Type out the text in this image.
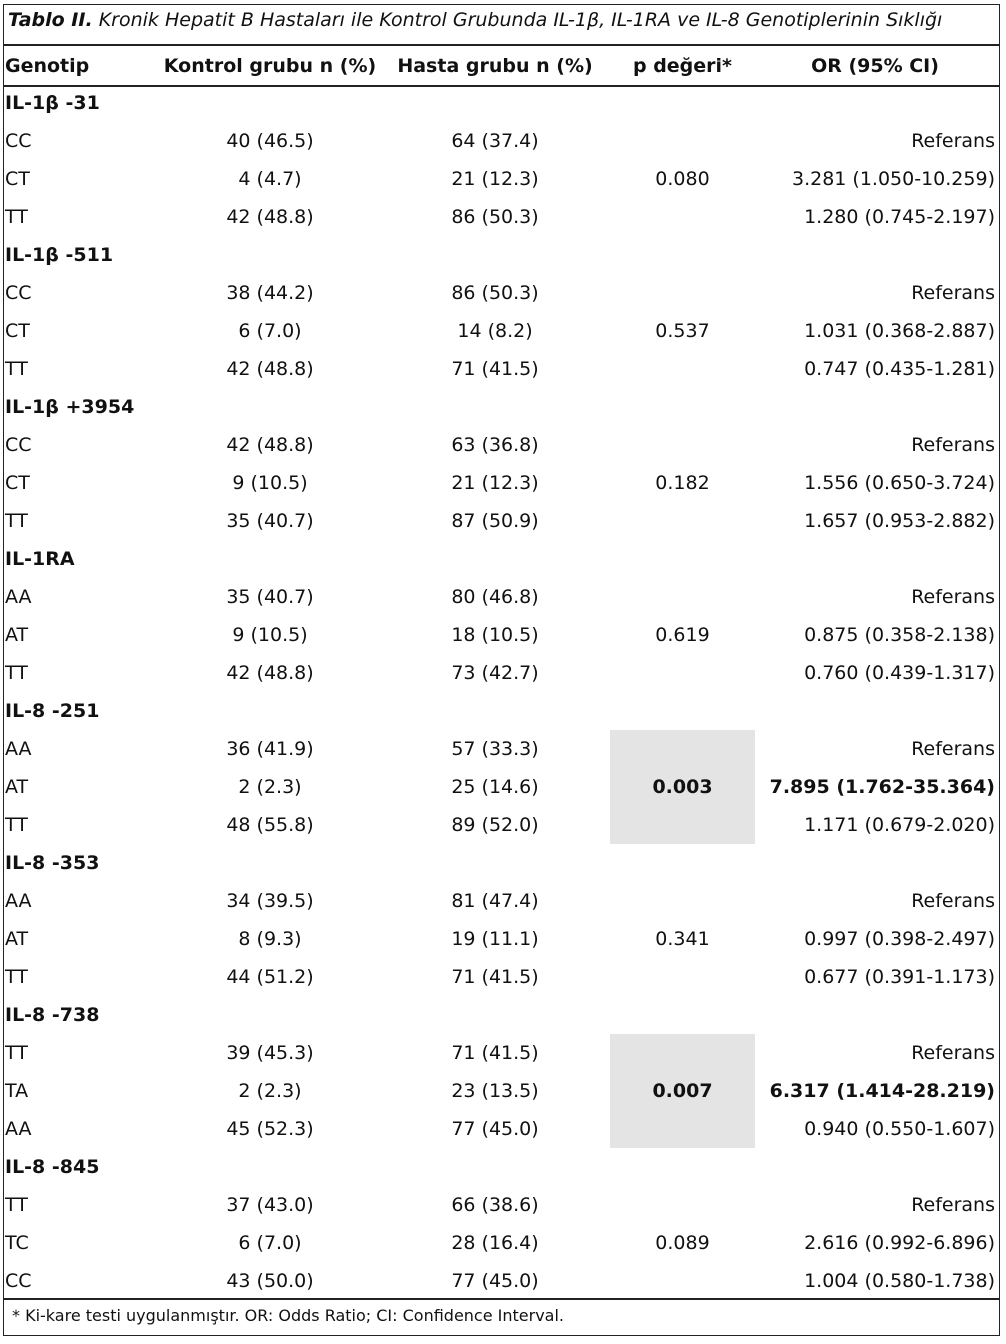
Tablo II. Kronik Hepatit B Hastaları ile Kontrol Grubunda IL-1β, IL-1RA ve IL-8 Genotiplerinin Sıklığı
Genotip	Kontrol grubu n (%)	Hasta grubu n (%)	p değeri*	OR (95% CI)
IL-1β -31				
CC	40 (46.5)	64 (37.4)	0.080	Referans
CT	4 (4.7)	21 (12.3)		3.281 (1.050-10.259)
TT	42 (48.8)	86 (50.3)		1.280 (0.745-2.197)
IL-1β -511				
CC	38 (44.2)	86 (50.3)	0.537	Referans
CT	6 (7.0)	14 (8.2)		1.031 (0.368-2.887)
TT	42 (48.8)	71 (41.5)		0.747 (0.435-1.281)
IL-1β +3954				
CC	42 (48.8)	63 (36.8)	0.182	Referans
CT	9 (10.5)	21 (12.3)		1.556 (0.650-3.724)
TT	35 (40.7)	87 (50.9)		1.657 (0.953-2.882)
IL-1RA				
AA	35 (40.7)	80 (46.8)	0.619	Referans
AT	9 (10.5)	18 (10.5)		0.875 (0.358-2.138)
TT	42 (48.8)	73 (42.7)		0.760 (0.439-1.317)
IL-8 -251				
AA	36 (41.9)	57 (33.3)	0.003	Referans
AT	2 (2.3)	25 (14.6)		7.895 (1.762-35.364)
TT	48 (55.8)	89 (52.0)		1.171 (0.679-2.020)
IL-8 -353				
AA	34 (39.5)	81 (47.4)	0.341	Referans
AT	8 (9.3)	19 (11.1)		0.997 (0.398-2.497)
TT	44 (51.2)	71 (41.5)		0.677 (0.391-1.173)
IL-8 -738				
TT	39 (45.3)	71 (41.5)	0.007	Referans
TA	2 (2.3)	23 (13.5)		6.317 (1.414-28.219)
AA	45 (52.3)	77 (45.0)		0.940 (0.550-1.607)
IL-8 -845				
TT	37 (43.0)	66 (38.6)	0.089	Referans
TC	6 (7.0)	28 (16.4)		2.616 (0.992-6.896)
CC	43 (50.0)	77 (45.0)		1.004 (0.580-1.738)
* Ki-kare testi uygulanmıştır. OR: Odds Ratio; CI: Confidence Interval.
